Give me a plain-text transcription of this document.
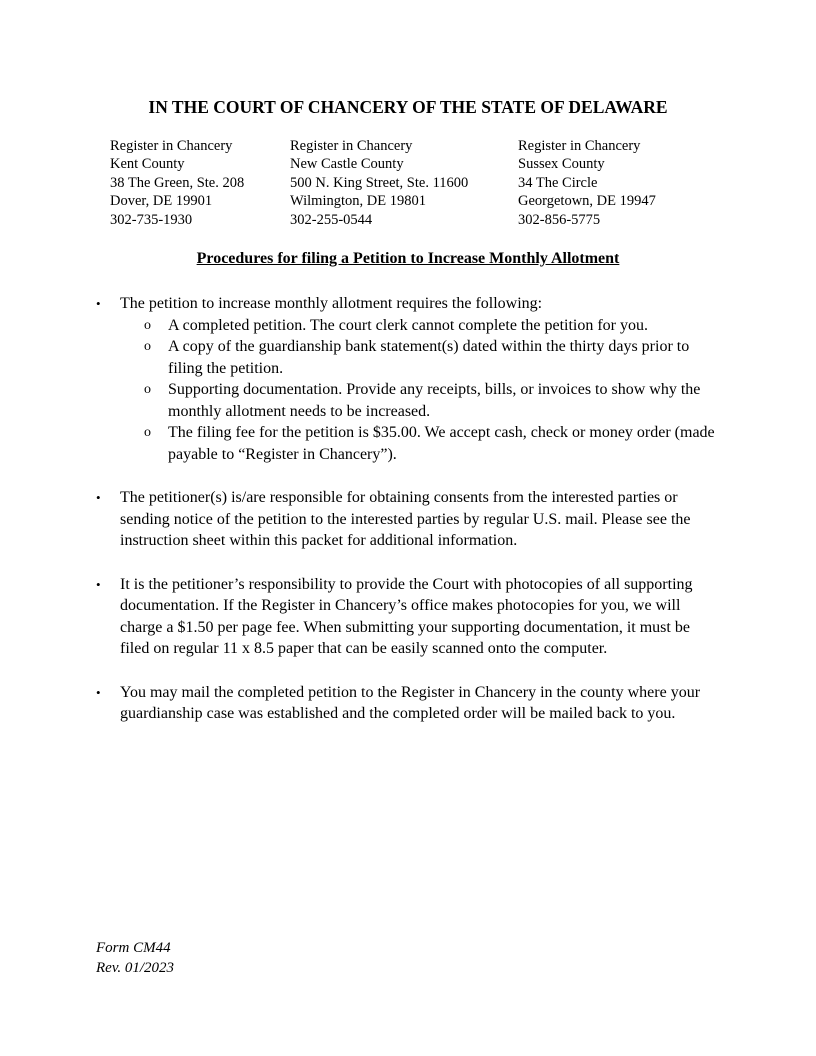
IN THE COURT OF CHANCERY OF THE STATE OF DELAWARE
Register in Chancery
Kent County
38 The Green, Ste. 208
Dover, DE 19901
302-735-1930
Register in Chancery
New Castle County
500 N. King Street, Ste. 11600
Wilmington, DE 19801
302-255-0544
Register in Chancery
Sussex County
34 The Circle
Georgetown, DE 19947
302-856-5775
Procedures for filing a Petition to Increase Monthly Allotment
• The petition to increase monthly allotment requires the following:
o A completed petition. The court clerk cannot complete the petition for you.
o A copy of the guardianship bank statement(s) dated within the thirty days prior to filing the petition.
o Supporting documentation. Provide any receipts, bills, or invoices to show why the monthly allotment needs to be increased.
o The filing fee for the petition is $35.00. We accept cash, check or money order (made payable to “Register in Chancery”).
• The petitioner(s) is/are responsible for obtaining consents from the interested parties or sending notice of the petition to the interested parties by regular U.S. mail. Please see the instruction sheet within this packet for additional information.
• It is the petitioner’s responsibility to provide the Court with photocopies of all supporting documentation. If the Register in Chancery’s office makes photocopies for you, we will charge a $1.50 per page fee. When submitting your supporting documentation, it must be filed on regular 11 x 8.5 paper that can be easily scanned onto the computer.
• You may mail the completed petition to the Register in Chancery in the county where your guardianship case was established and the completed order will be mailed back to you.
Form CM44
Rev. 01/2023
